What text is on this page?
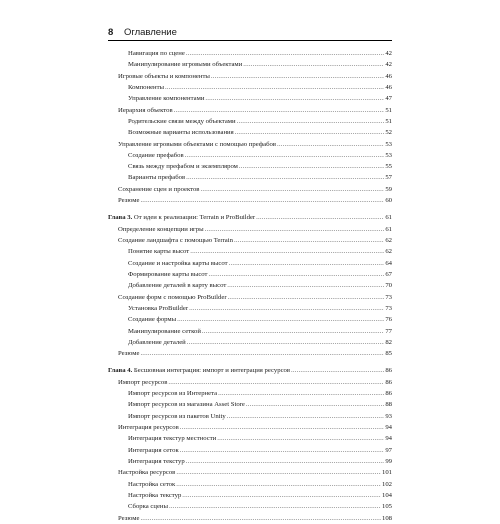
8 Оглавление
Навигация по сцене .....	42
Манипулирование игровыми объектами .....	42
Игровые объекты и компоненты .....	46
Компоненты .....	46
Управление компонентами .....	47
Иерархия объектов .....	51
Родительские связи между объектами .....	51
Возможные варианты использования .....	52
Управление игровыми объектами с помощью префабов .....	53
Создание префабов .....	53
Связь между префабом и экземпляром .....	55
Варианты префабов .....	57
Сохранение сцен и проектов .....	59
Резюме .....	60
Глава 3. От идеи к реализации: Terrain и ProBuilder .....	61
Определение концепции игры .....	61
Создание ландшафта с помощью Terrain .....	62
Понятие карты высот .....	62
Создание и настройка карты высот .....	64
Формирование карты высот .....	67
Добавление деталей в карту высот .....	70
Создание форм с помощью ProBuilder .....	73
Установка ProBuilder .....	73
Создание формы .....	76
Манипулирование сеткой .....	77
Добавление деталей .....	82
Резюме .....	85
Глава 4. Бесшовная интеграция: импорт и интеграция ресурсов .....	86
Импорт ресурсов .....	86
Импорт ресурсов из Интернета .....	86
Импорт ресурсов из магазина Asset Store .....	88
Импорт ресурсов из пакетов Unity .....	93
Интеграция ресурсов .....	94
Интеграция текстур местности .....	94
Интеграция сеток .....	97
Интеграция текстур .....	99
Настройка ресурсов .....	101
Настройка сеток .....	102
Настройка текстур .....	104
Сборка сцены .....	105
Резюме .....	108
